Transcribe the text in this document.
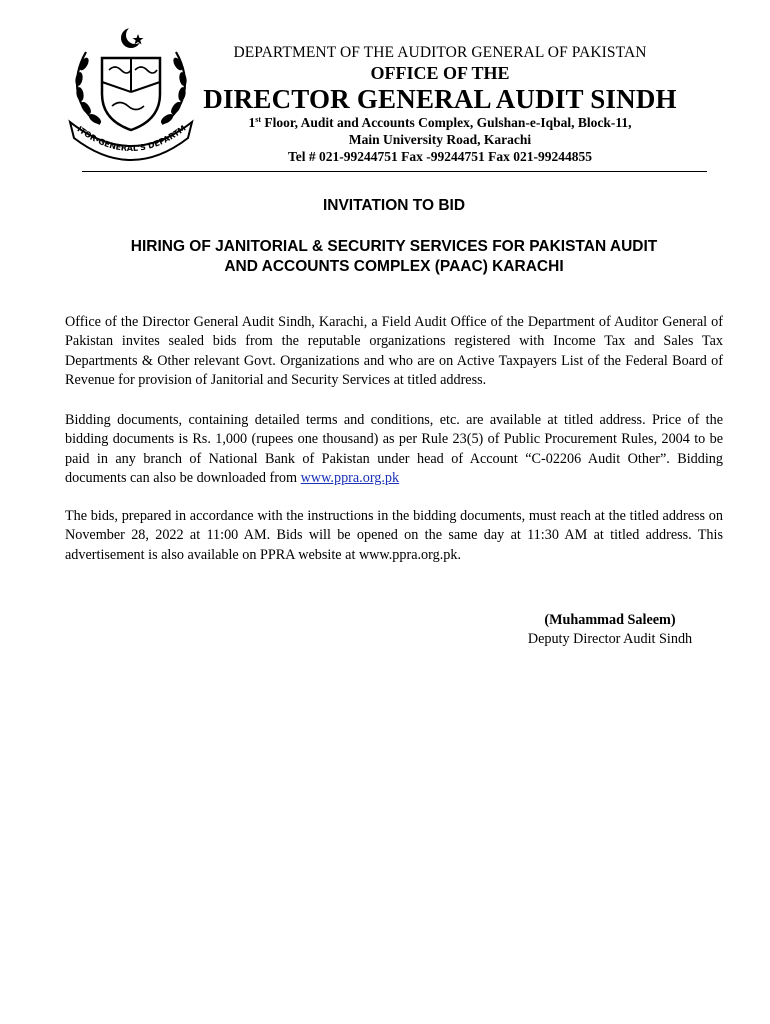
ITOR-GENERAL'S DEPARTM
DEPARTMENT OF THE AUDITOR GENERAL OF PAKISTAN
OFFICE OF THE
DIRECTOR GENERAL AUDIT SINDH
1st Floor, Audit and Accounts Complex, Gulshan-e-Iqbal, Block-11,
Main University Road, Karachi
Tel # 021-99244751 Fax -99244751 Fax 021-99244855
INVITATION TO BID
HIRING OF JANITORIAL & SECURITY SERVICES FOR PAKISTAN AUDIT
AND ACCOUNTS COMPLEX (PAAC) KARACHI
Office of the Director General Audit Sindh, Karachi, a Field Audit Office of the Department of Auditor General of Pakistan invites sealed bids from the reputable organizations registered with Income Tax and Sales Tax Departments & Other relevant Govt. Organizations and who are on Active Taxpayers List of the Federal Board of Revenue for provision of Janitorial and Security Services at titled address.
Bidding documents, containing detailed terms and conditions, etc. are available at titled address. Price of the bidding documents is Rs. 1,000 (rupees one thousand) as per Rule 23(5) of Public Procurement Rules, 2004 to be paid in any branch of National Bank of Pakistan under head of Account “C-02206 Audit Other”. Bidding documents can also be downloaded from www.ppra.org.pk
The bids, prepared in accordance with the instructions in the bidding documents, must reach at the titled address on November 28, 2022 at 11:00 AM. Bids will be opened on the same day at 11:30 AM at titled address. This advertisement is also available on PPRA website at www.ppra.org.pk.
(Muhammad Saleem)
Deputy Director Audit Sindh
